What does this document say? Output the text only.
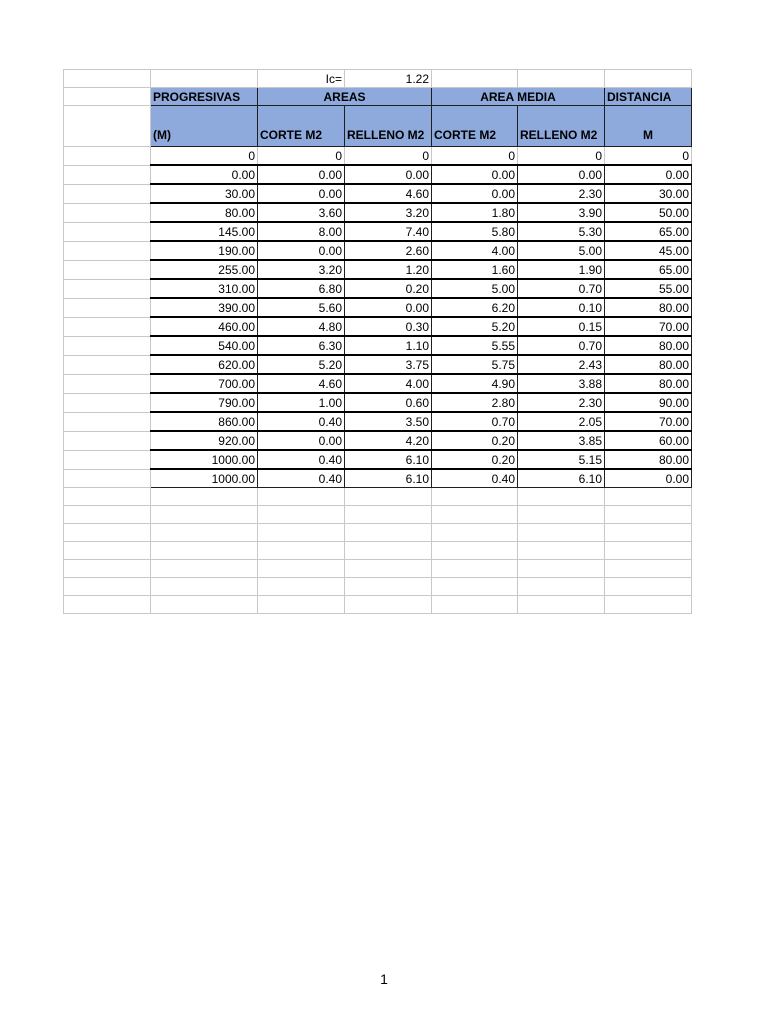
		Ic=	1.22			
	PROGRESIVAS	AREAS		AREA MEDIA		DISTANCIA
	(M)	CORTE M2	RELLENO M2	CORTE M2	RELLENO M2	M
	0	0	0	0	0	0
	0.00	0.00	0.00	0.00	0.00	0.00
	30.00	0.00	4.60	0.00	2.30	30.00
	80.00	3.60	3.20	1.80	3.90	50.00
	145.00	8.00	7.40	5.80	5.30	65.00
	190.00	0.00	2.60	4.00	5.00	45.00
	255.00	3.20	1.20	1.60	1.90	65.00
	310.00	6.80	0.20	5.00	0.70	55.00
	390.00	5.60	0.00	6.20	0.10	80.00
	460.00	4.80	0.30	5.20	0.15	70.00
	540.00	6.30	1.10	5.55	0.70	80.00
	620.00	5.20	3.75	5.75	2.43	80.00
	700.00	4.60	4.00	4.90	3.88	80.00
	790.00	1.00	0.60	2.80	2.30	90.00
	860.00	0.40	3.50	0.70	2.05	70.00
	920.00	0.00	4.20	0.20	3.85	60.00
	1000.00	0.40	6.10	0.20	5.15	80.00
	1000.00	0.40	6.10	0.40	6.10	0.00

1
